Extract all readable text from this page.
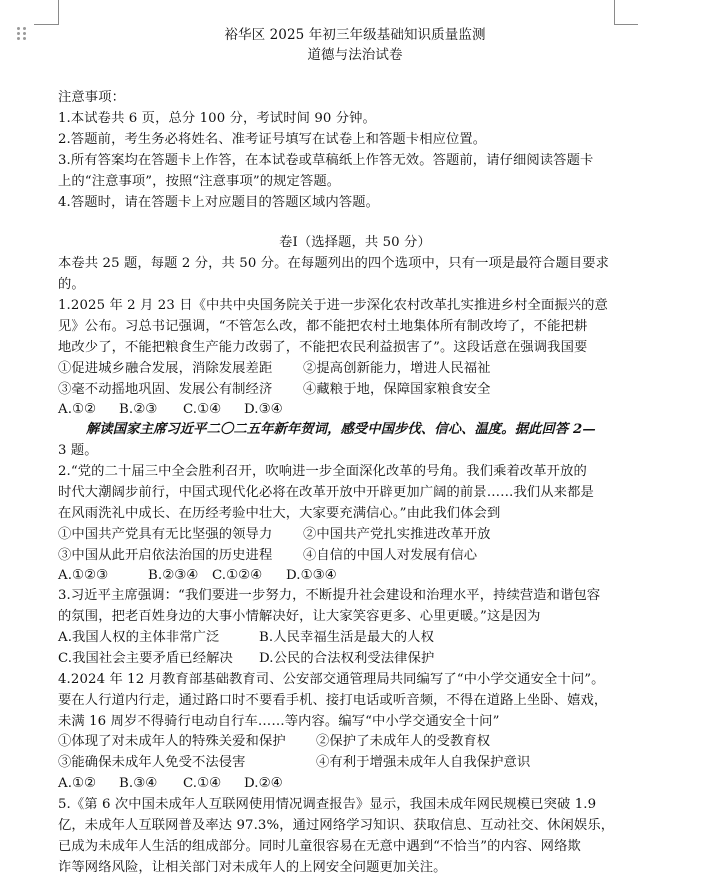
裕华区 2025 年初三年级基础知识质量监测
道德与法治试卷
注意事项：
1.本试卷共 6 页，总分 100 分，考试时间 90 分钟。
2.答题前，考生务必将姓名、准考证号填写在试卷上和答题卡相应位置。
3.所有答案均在答题卡上作答，在本试卷或草稿纸上作答无效。答题前，请仔细阅读答题卡
上的“注意事项”，按照“注意事项”的规定答题。
4.答题时，请在答题卡上对应题目的答题区域内答题。
卷Ⅰ（选择题，共 50 分）
本卷共 25 题，每题 2 分，共 50 分。在每题列出的四个选项中，只有一项是最符合题目要求
的。
1.2025 年 2 月 23 日《中共中央国务院关于进一步深化农村改革扎实推进乡村全面振兴的意
见》公布。习总书记强调，“不管怎么改，都不能把农村土地集体所有制改垮了，不能把耕
地改少了，不能把粮食生产能力改弱了，不能把农民利益损害了”。这段话意在强调我国要
①促进城乡融合发展，消除发展差距 ②提高创新能力，增进人民福祉
③毫不动摇地巩固、发展公有制经济 ④藏粮于地，保障国家粮食安全
A.①② B.②③ C.①④ D.③④
解读国家主席习近平二〇二五年新年贺词，感受中国步伐、信心、温度。据此回答 2—
3 题。
2.“党的二十届三中全会胜利召开，吹响进一步全面深化改革的号角。我们乘着改革开放的
时代大潮阔步前行，中国式现代化必将在改革开放中开辟更加广阔的前景……我们从来都是
在风雨洗礼中成长、在历经考验中壮大，大家要充满信心。”由此我们体会到
①中国共产党具有无比坚强的领导力 ②中国共产党扎实推进改革开放
③中国从此开启依法治国的历史进程 ④自信的中国人对发展有信心
A.①②③	B.②③④ C.①②④ D.①③④
3.习近平主席强调：“我们要进一步努力，不断提升社会建设和治理水平，持续营造和谐包容
的氛围，把老百姓身边的大事小情解决好，让大家笑容更多、心里更暖。”这是因为
A.我国人权的主体非常广泛	B.人民幸福生活是最大的人权
C.我国社会主要矛盾已经解决 D.公民的合法权利受法律保护
4.2024 年 12 月教育部基础教育司、公安部交通管理局共同编写了“中小学交通安全十问”。
要在人行道内行走，通过路口时不要看手机、接打电话或听音频，不得在道路上坐卧、嬉戏，
未满 16 周岁不得骑行电动自行车……等内容。编写“中小学交通安全十问”
①体现了对未成年人的特殊关爱和保护 ②保护了未成年人的受教育权
③能确保未成年人免受不法侵害	④有利于增强未成年人自我保护意识
A.①② B.③④ C.①④ D.②④
5.《第 6 次中国未成年人互联网使用情况调查报告》显示，我国未成年网民规模已突破 1.9
亿，未成年人互联网普及率达 97.3%，通过网络学习知识、获取信息、互动社交、休闲娱乐，
已成为未成年人生活的组成部分。同时儿童很容易在无意中遇到“不恰当”的内容、网络欺
诈等网络风险，让相关部门对未成年人的上网安全问题更加关注。
